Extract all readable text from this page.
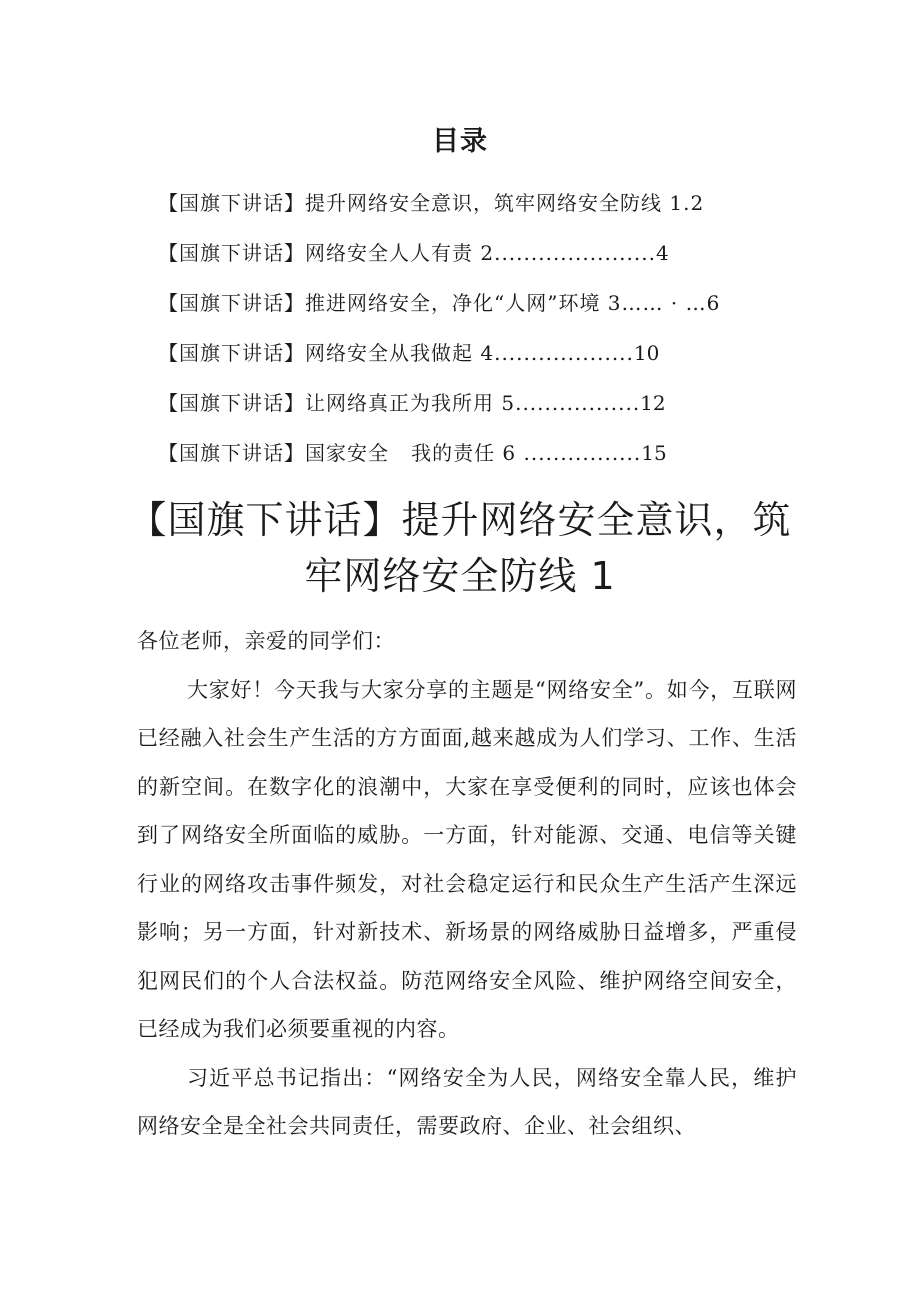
目录
【国旗下讲话】提升网络安全意识，筑牢网络安全防线 1.2
【国旗下讲话】网络安全人人有责 2......................4
【国旗下讲话】推进网络安全，净化“人网”环境 3…… · …6
【国旗下讲话】网络安全从我做起 4...................10
【国旗下讲话】让网络真正为我所用 5.................12
【国旗下讲话】国家安全   我的责任 6 ................15
【国旗下讲话】提升网络安全意识，筑
牢网络安全防线 1

各位老师，亲爱的同学们：

大家好！今天我与大家分享的主题是“网络安全”。如今，互联网已经融入社会生产生活的方方面面,越来越成为人们学习、工作、生活的新空间。在数字化的浪潮中，大家在享受便利的同时，应该也体会到了网络安全所面临的威胁。一方面，针对能源、交通、电信等关键行业的网络攻击事件频发，对社会稳定运行和民众生产生活产生深远影响；另一方面，针对新技术、新场景的网络威胁日益增多，严重侵犯网民们的个人合法权益。防范网络安全风险、维护网络空间安全，已经成为我们必须要重视的内容。

习近平总书记指出：“网络安全为人民，网络安全靠人民，维护网络安全是全社会共同责任，需要政府、企业、社会组织、
